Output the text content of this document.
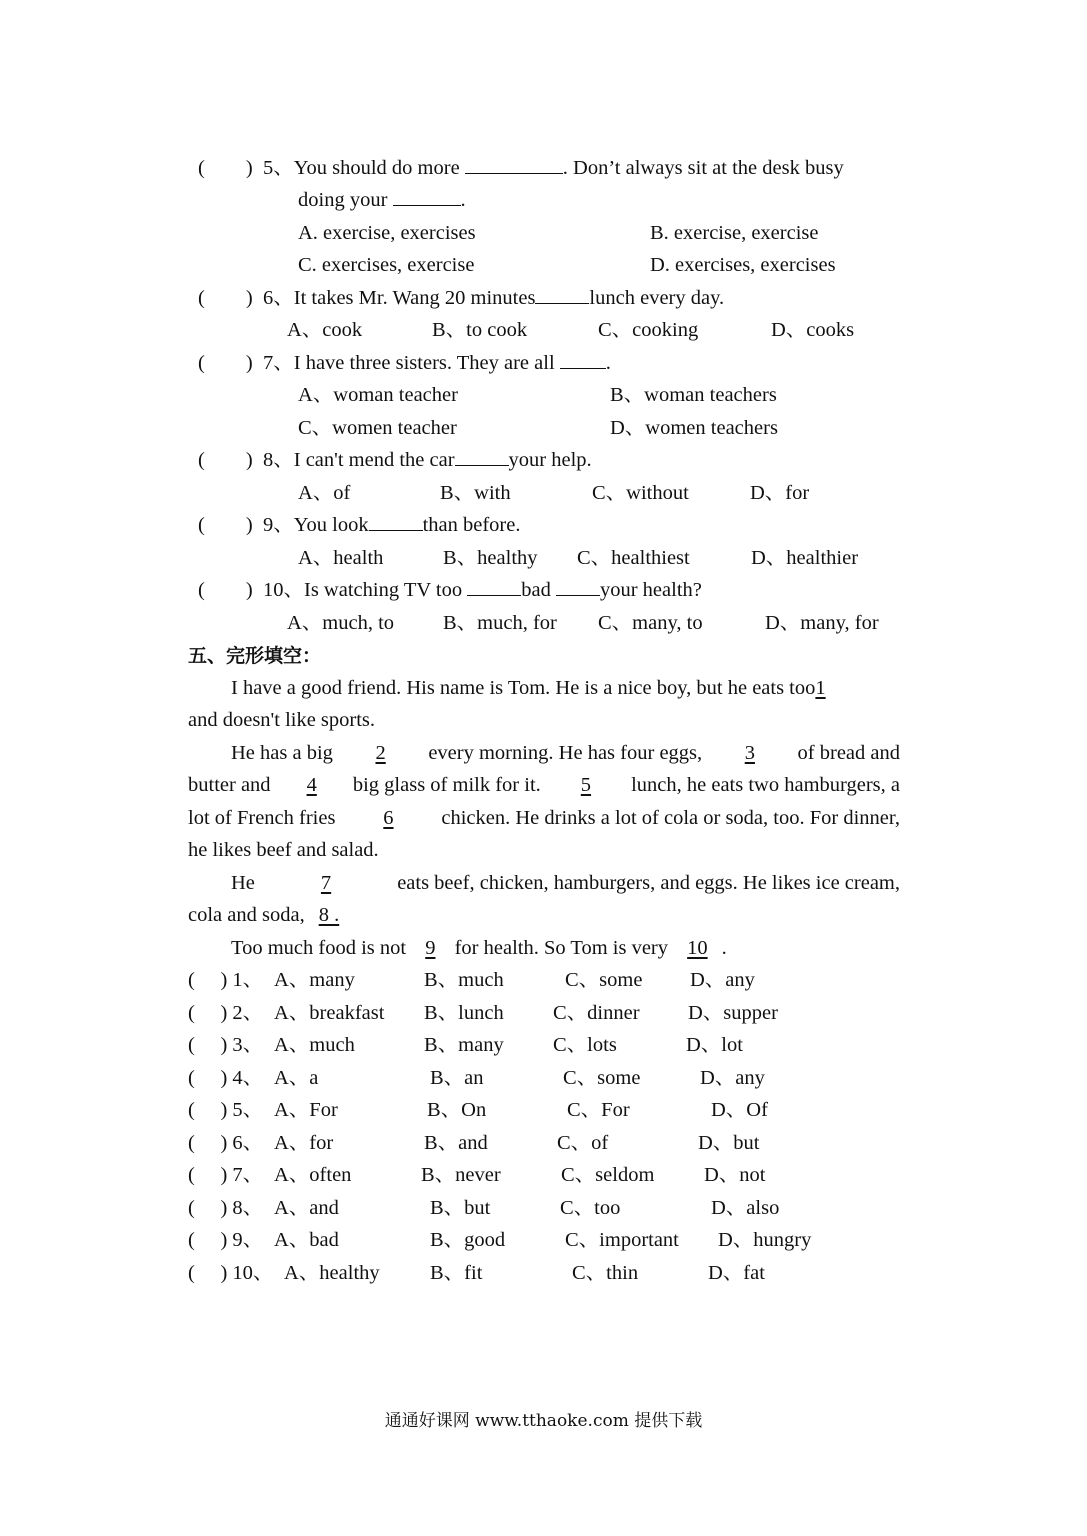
(　　) 5、You should do more	. Don’t always sit at the desk busy
doing your	.
A. exercise, exercises	B. exercise, exercise
C. exercises, exercise	D. exercises, exercises
(　　) 6、It takes Mr. Wang 20 minutes	lunch every day.
A、cook	B、to cook	C、cooking	D、cooks
(　　) 7、I have three sisters. They are all .
A、woman teacher	B、woman teachers
C、women teacher	D、women teachers
(　　) 8、I can't mend the car	your help.
A、of	B、with	C、without	D、for
(　　) 9、You look	than before.
A、health	B、healthy C、healthiest	D、healthier
(　　) 10、Is watching TV too	bad your health?
A、much, to B、much, for C、many, to	D、many, for
五、完形填空：
I have a good friend. His name is Tom. He is a nice boy, but he eats too1
and doesn't like sports.
He has a big	2	every morning. He has four eggs,	3	of bread and
butter and	4	big glass of milk for it.	5	lunch, he eats two hamburgers, a
lot of French fries	6	chicken. He drinks a lot of cola or soda, too. For dinner,
he likes beef and salad.
He	7	eats beef, chicken, hamburgers, and eggs. He likes ice cream,
cola and soda, 8 .
Too much food is not 9 for health. So Tom is very 10 .
(　 ) 1、 A、many	B、much	C、some D、any
(　 ) 2、 A、breakfast B、lunch C、dinner D、supper
(　 ) 3、 A、much	B、many C、lots	D、lot
(　 ) 4、 A、a	B、an	C、some	D、any
(　 ) 5、 A、For	B、On	C、For	D、Of
(　 ) 6、 A、for	B、and	C、of	D、but
(　 ) 7、 A、often	B、never	C、seldom D、not
(　 ) 8、 A、and	B、but	C、too	D、also
(　 ) 9、 A、bad	B、good	C、important D、hungry
(　 ) 10、 A、healthy B、fit	C、thin	D、fat
通通好课网 www.tthaoke.com 提供下载
